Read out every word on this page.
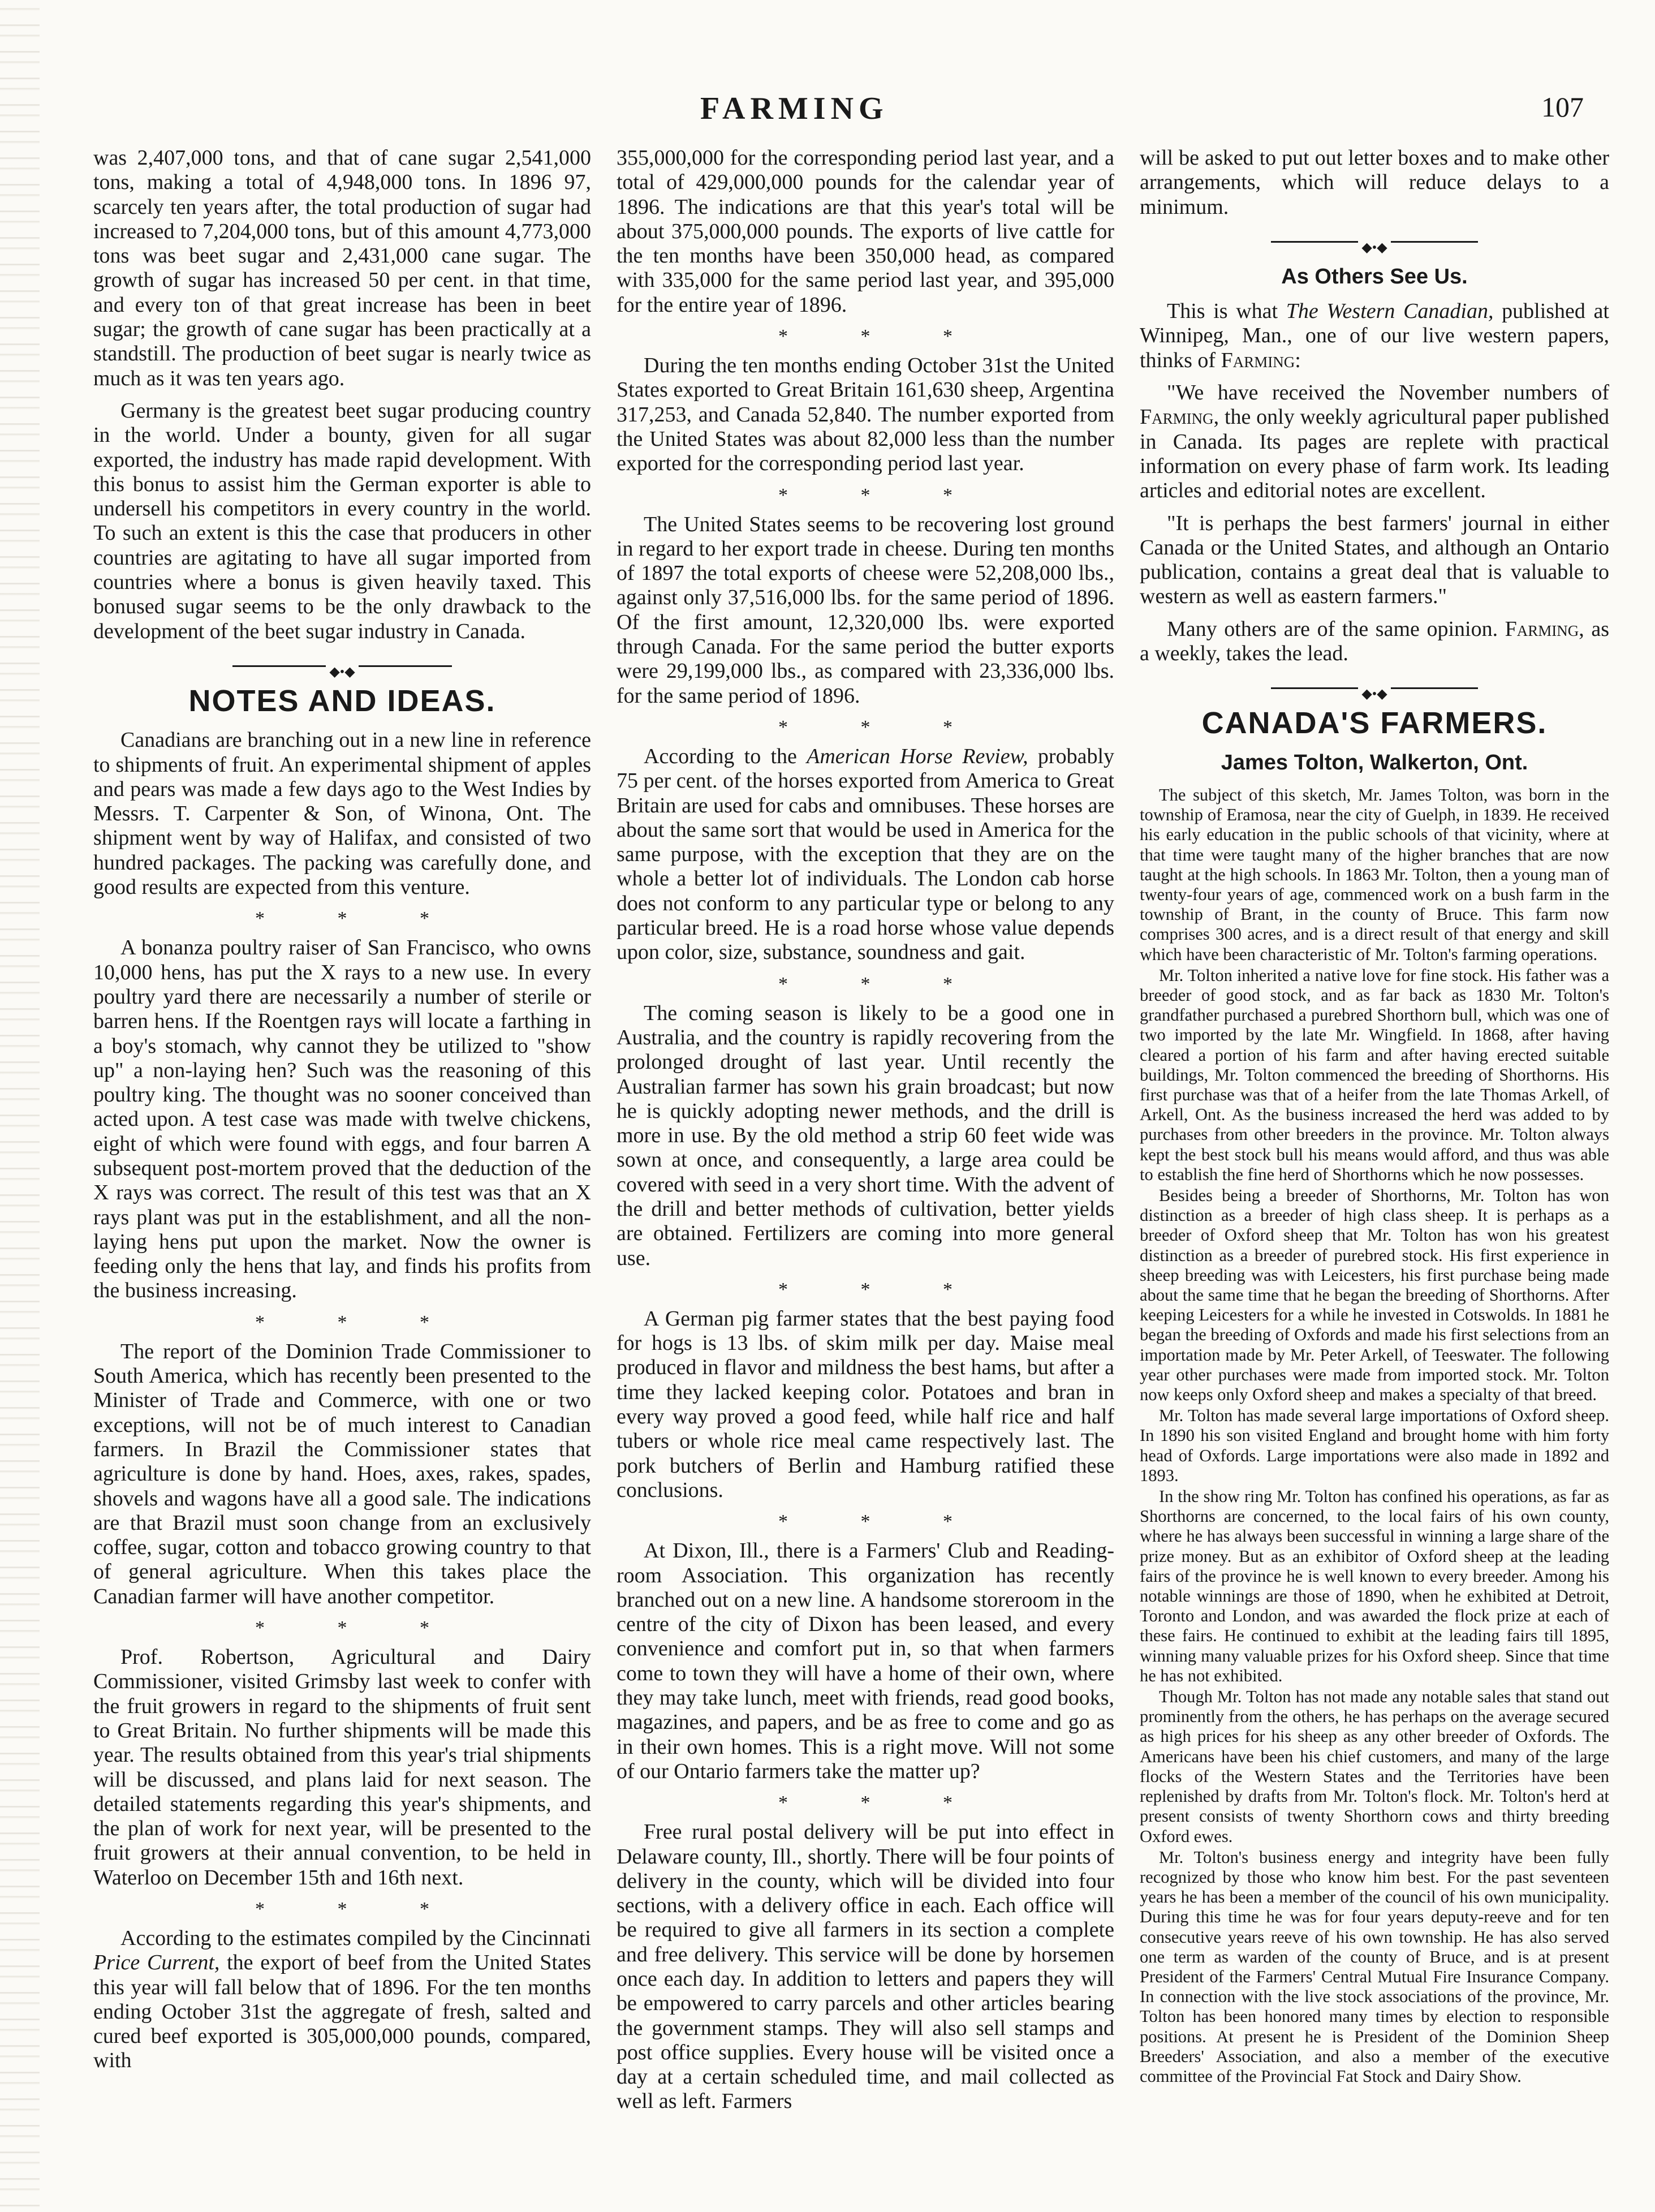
FARMING	107

was 2,407,000 tons, and that of cane sugar 2,541,000 tons, making a total of 4,948,000 tons. In 1896 97, scarcely ten years after, the total production of sugar had increased to 7,204,000 tons, but of this amount 4,773,000 tons was beet sugar and 2,431,000 cane sugar. The growth of sugar has increased 50 per cent. in that time, and every ton of that great increase has been in beet sugar; the growth of cane sugar has been practically at a standstill. The production of beet sugar is nearly twice as much as it was ten years ago.

Germany is the greatest beet sugar producing country in the world. Under a bounty, given for all sugar exported, the industry has made rapid development. With this bonus to assist him the German exporter is able to undersell his competitors in every country in the world. To such an extent is this the case that producers in other countries are agitating to have all sugar imported from countries where a bonus is given heavily taxed. This bonused sugar seems to be the only drawback to the development of the beet sugar industry in Canada.

◆•◆
NOTES AND IDEAS.

Canadians are branching out in a new line in reference to shipments of fruit. An experimental shipment of apples and pears was made a few days ago to the West Indies by Messrs. T. Carpenter & Son, of Winona, Ont. The shipment went by way of Halifax, and consisted of two hundred packages. The packing was carefully done, and good results are expected from this venture.

* * *

A bonanza poultry raiser of San Francisco, who owns 10,000 hens, has put the X rays to a new use. In every poultry yard there are necessarily a number of sterile or barren hens. If the Roentgen rays will locate a farthing in a boy's stomach, why cannot they be utilized to "show up" a non-laying hen? Such was the reasoning of this poultry king. The thought was no sooner conceived than acted upon. A test case was made with twelve chickens, eight of which were found with eggs, and four barren A subsequent post-mortem proved that the deduction of the X rays was correct. The result of this test was that an X rays plant was put in the establishment, and all the non-laying hens put upon the market. Now the owner is feeding only the hens that lay, and finds his profits from the business increasing.

* * *

The report of the Dominion Trade Commissioner to South America, which has recently been presented to the Minister of Trade and Commerce, with one or two exceptions, will not be of much interest to Canadian farmers. In Brazil the Commissioner states that agriculture is done by hand. Hoes, axes, rakes, spades, shovels and wagons have all a good sale. The indications are that Brazil must soon change from an exclusively coffee, sugar, cotton and tobacco growing country to that of general agriculture. When this takes place the Canadian farmer will have another competitor.

* * *

Prof. Robertson, Agricultural and Dairy Commissioner, visited Grimsby last week to confer with the fruit growers in regard to the shipments of fruit sent to Great Britain. No further shipments will be made this year. The results obtained from this year's trial shipments will be discussed, and plans laid for next season. The detailed statements regarding this year's shipments, and the plan of work for next year, will be presented to the fruit growers at their annual convention, to be held in Waterloo on December 15th and 16th next.

* * *

According to the estimates compiled by the Cincinnati Price Current, the export of beef from the United States this year will fall below that of 1896. For the ten months ending October 31st the aggregate of fresh, salted and cured beef exported is 305,000,000 pounds, compared, with

355,000,000 for the corresponding period last year, and a total of 429,000,000 pounds for the calendar year of 1896. The indications are that this year's total will be about 375,000,000 pounds. The exports of live cattle for the ten months have been 350,000 head, as compared with 335,000 for the same period last year, and 395,000 for the entire year of 1896.

* * *

During the ten months ending October 31st the United States exported to Great Britain 161,630 sheep, Argentina 317,253, and Canada 52,840. The number exported from the United States was about 82,000 less than the number exported for the corresponding period last year.

* * *

The United States seems to be recovering lost ground in regard to her export trade in cheese. During ten months of 1897 the total exports of cheese were 52,208,000 lbs., against only 37,516,000 lbs. for the same period of 1896. Of the first amount, 12,320,000 lbs. were exported through Canada. For the same period the butter exports were 29,199,000 lbs., as compared with 23,336,000 lbs. for the same period of 1896.

* * *

According to the American Horse Review, probably 75 per cent. of the horses exported from America to Great Britain are used for cabs and omnibuses. These horses are about the same sort that would be used in America for the same purpose, with the exception that they are on the whole a better lot of individuals. The London cab horse does not conform to any particular type or belong to any particular breed. He is a road horse whose value depends upon color, size, substance, soundness and gait.

* * *

The coming season is likely to be a good one in Australia, and the country is rapidly recovering from the prolonged drought of last year. Until recently the Australian farmer has sown his grain broadcast; but now he is quickly adopting newer methods, and the drill is more in use. By the old method a strip 60 feet wide was sown at once, and consequently, a large area could be covered with seed in a very short time. With the advent of the drill and better methods of cultivation, better yields are obtained. Fertilizers are coming into more general use.

* * *

A German pig farmer states that the best paying food for hogs is 13 lbs. of skim milk per day. Maise meal produced in flavor and mildness the best hams, but after a time they lacked keeping color. Potatoes and bran in every way proved a good feed, while half rice and half tubers or whole rice meal came respectively last. The pork butchers of Berlin and Hamburg ratified these conclusions.

* * *

At Dixon, Ill., there is a Farmers' Club and Reading-room Association. This organization has recently branched out on a new line. A handsome storeroom in the centre of the city of Dixon has been leased, and every convenience and comfort put in, so that when farmers come to town they will have a home of their own, where they may take lunch, meet with friends, read good books, magazines, and papers, and be as free to come and go as in their own homes. This is a right move. Will not some of our Ontario farmers take the matter up?

* * *

Free rural postal delivery will be put into effect in Delaware county, Ill., shortly. There will be four points of delivery in the county, which will be divided into four sections, with a delivery office in each. Each office will be required to give all farmers in its section a complete and free delivery. This service will be done by horsemen once each day. In addition to letters and papers they will be empowered to carry parcels and other articles bearing the government stamps. They will also sell stamps and post office supplies. Every house will be visited once a day at a certain scheduled time, and mail collected as well as left. Farmers

will be asked to put out letter boxes and to make other arrangements, which will reduce delays to a minimum.

◆•◆
As Others See Us.

This is what The Western Canadian, published at Winnipeg, Man., one of our live western papers, thinks of Farming:

"We have received the November numbers of Farming, the only weekly agricultural paper published in Canada. Its pages are replete with practical information on every phase of farm work. Its leading articles and editorial notes are excellent.

"It is perhaps the best farmers' journal in either Canada or the United States, and although an Ontario publication, contains a great deal that is valuable to western as well as eastern farmers."

Many others are of the same opinion. Farming, as a weekly, takes the lead.

◆•◆
CANADA'S FARMERS.
James Tolton, Walkerton, Ont.

The subject of this sketch, Mr. James Tolton, was born in the township of Eramosa, near the city of Guelph, in 1839. He received his early education in the public schools of that vicinity, where at that time were taught many of the higher branches that are now taught at the high schools. In 1863 Mr. Tolton, then a young man of twenty-four years of age, commenced work on a bush farm in the township of Brant, in the county of Bruce. This farm now comprises 300 acres, and is a direct result of that energy and skill which have been characteristic of Mr. Tolton's farming operations.

Mr. Tolton inherited a native love for fine stock. His father was a breeder of good stock, and as far back as 1830 Mr. Tolton's grandfather purchased a purebred Shorthorn bull, which was one of two imported by the late Mr. Wingfield. In 1868, after having cleared a portion of his farm and after having erected suitable buildings, Mr. Tolton commenced the breeding of Shorthorns. His first purchase was that of a heifer from the late Thomas Arkell, of Arkell, Ont. As the business increased the herd was added to by purchases from other breeders in the province. Mr. Tolton always kept the best stock bull his means would afford, and thus was able to establish the fine herd of Shorthorns which he now possesses.

Besides being a breeder of Shorthorns, Mr. Tolton has won distinction as a breeder of high class sheep. It is perhaps as a breeder of Oxford sheep that Mr. Tolton has won his greatest distinction as a breeder of purebred stock. His first experience in sheep breeding was with Leicesters, his first purchase being made about the same time that he began the breeding of Shorthorns. After keeping Leicesters for a while he invested in Cotswolds. In 1881 he began the breeding of Oxfords and made his first selections from an importation made by Mr. Peter Arkell, of Teeswater. The following year other purchases were made from imported stock. Mr. Tolton now keeps only Oxford sheep and makes a specialty of that breed.

Mr. Tolton has made several large importations of Oxford sheep. In 1890 his son visited England and brought home with him forty head of Oxfords. Large importations were also made in 1892 and 1893.

In the show ring Mr. Tolton has confined his operations, as far as Shorthorns are concerned, to the local fairs of his own county, where he has always been successful in winning a large share of the prize money. But as an exhibitor of Oxford sheep at the leading fairs of the province he is well known to every breeder. Among his notable winnings are those of 1890, when he exhibited at Detroit, Toronto and London, and was awarded the flock prize at each of these fairs. He continued to exhibit at the leading fairs till 1895, winning many valuable prizes for his Oxford sheep. Since that time he has not exhibited.

Though Mr. Tolton has not made any notable sales that stand out prominently from the others, he has perhaps on the average secured as high prices for his sheep as any other breeder of Oxfords. The Americans have been his chief customers, and many of the large flocks of the Western States and the Territories have been replenished by drafts from Mr. Tolton's flock. Mr. Tolton's herd at present consists of twenty Shorthorn cows and thirty breeding Oxford ewes.

Mr. Tolton's business energy and integrity have been fully recognized by those who know him best. For the past seventeen years he has been a member of the council of his own municipality. During this time he was for four years deputy-reeve and for ten consecutive years reeve of his own township. He has also served one term as warden of the county of Bruce, and is at present President of the Farmers' Central Mutual Fire Insurance Company. In connection with the live stock associations of the province, Mr. Tolton has been honored many times by election to responsible positions. At present he is President of the Dominion Sheep Breeders' Association, and also a member of the executive committee of the Provincial Fat Stock and Dairy Show.
